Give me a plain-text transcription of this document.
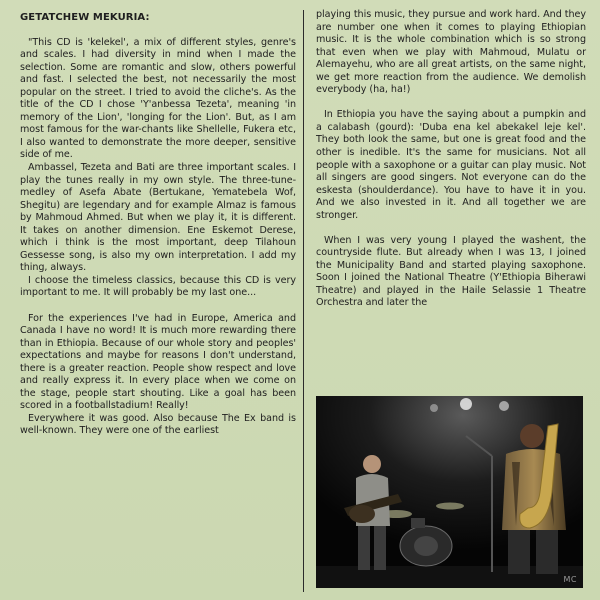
GETATCHEW MEKURIA:

"This CD is 'kelekel', a mix of different styles, genre's and scales. I had diversity in mind when I made the selection. Some are romantic and slow, others powerful and fast. I selected the best, not necessarily the most popular on the street. I tried to avoid the cliche's. As the title of the CD I chose 'Y'anbessa Tezeta', meaning 'in memory of the Lion', 'longing for the Lion'. But, as I am most famous for the war-chants like Shellelle, Fukera etc, I also wanted to demonstrate the more deeper, sensitive side of me.

Ambassel, Tezeta and Bati are three important scales. I play the tunes really in my own style. The three-tune-medley of Asefa Abate (Bertukane, Yematebela Wof, Shegitu) are legendary and for example Almaz is famous by Mahmoud Ahmed. But when we play it, it is different. It takes on another dimension. Ene Eskemot Derese, which i think is the most important, deep Tilahoun Gessesse song, is also my own interpretation. I add my thing, always.

I choose the timeless classics, because this CD is very important to me. It will probably be my last one...

For the experiences I've had in Europe, America and Canada I have no word! It is much more rewarding there than in Ethiopia. Because of our whole story and peoples' expectations and maybe for reasons I don't understand, there is a greater reaction. People show respect and love and really express it. In every place when we come on the stage, people start shouting. Like a goal has been scored in a footballstadium! Really!

Everywhere it was good. Also because The Ex band is well-known. They were one of the earliest

playing this music, they pursue and work hard. And they are number one when it comes to playing Ethiopian music. It is the whole combination which is so strong that even when we play with Mahmoud, Mulatu or Alemayehu, who are all great artists, on the same night, we get more reaction from the audience. We demolish everybody (ha, ha!)

In Ethiopia you have the saying about a pumpkin and a calabash (gourd): 'Duba ena kel abekakel leje kel'. They both look the same, but one is great food and the other is inedible. It's the same for musicians. Not all people with a saxophone or a guitar can play music. Not all singers are good singers. Not everyone can do the eskesta (shoulderdance). You have to have it in you. And we also invested in it. And all together we are stronger.

When I was very young I played the washent, the countryside flute. But already when I was 13, I joined the Municipality Band and started playing saxophone. Soon I joined the National Theatre (Y'Ethiopia Biherawi Theatre) and played in the Haile Selassie 1 Theatre Orchestra and later the

MC
